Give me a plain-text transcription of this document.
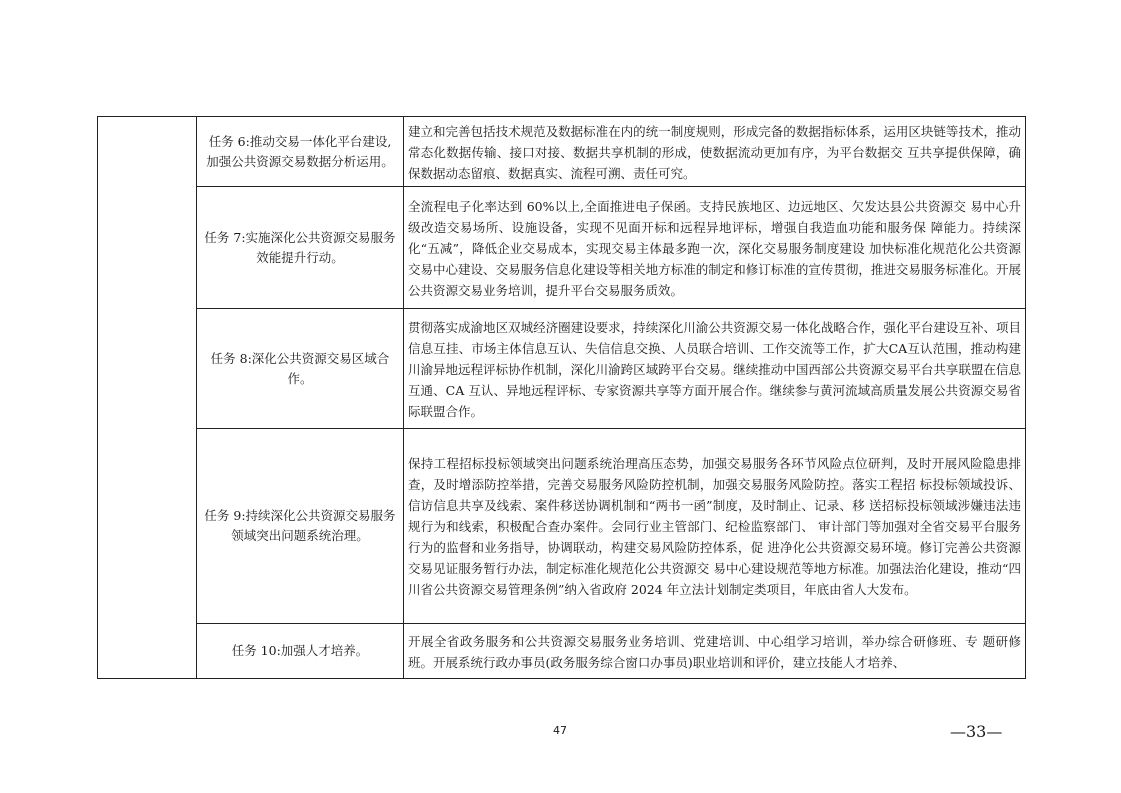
	任务 6:推动交易一体化平台建设,加强公共资源交易数据分析运用。	建立和完善包括技术规范及数据标准在内的统一制度规则，形成完备的数据指标体系，运用区块链等技术，推动常态化数据传输、接口对接、数据共享机制的形成，使数据流动更加有序，为平台数据交 互共享提供保障，确保数据动态留痕、数据真实、流程可溯、责任可究。
	任务 7:实施深化公共资源交易服务效能提升行动。	全流程电子化率达到 60%以上,全面推进电子保函。支持民族地区、边远地区、欠发达县公共资源交 易中心升级改造交易场所、设施设备，实现不见面开标和远程异地评标，增强自我造血功能和服务保 障能力。持续深化“五减”，降低企业交易成本，实现交易主体最多跑一次，深化交易服务制度建设 加快标准化规范化公共资源交易中心建设、交易服务信息化建设等相关地方标准的制定和修订标准的宣传贯彻，推进交易服务标准化。开展公共资源交易业务培训，提升平台交易服务质效。
	任务 8:深化公共资源交易区域合作。	贯彻落实成渝地区双城经济圈建设要求，持续深化川渝公共资源交易一体化战略合作，强化平台建设互补、项目信息互挂、市场主体信息互认、失信信息交换、人员联合培训、工作交流等工作，扩大CA互认范围，推动构建川渝异地远程评标协作机制，深化川渝跨区域跨平台交易。继续推动中国西部公共资源交易平台共享联盟在信息互通、CA 互认、异地远程评标、专家资源共享等方面开展合作。继续参与黄河流域高质量发展公共资源交易省际联盟合作。
	任务 9:持续深化公共资源交易服务领域突出问题系统治理。	保持工程招标投标领域突出问题系统治理高压态势，加强交易服务各环节风险点位研判，及时开展风险隐患排查，及时增添防控举措，完善交易服务风险防控机制，加强交易服务风险防控。落实工程招 标投标领域投诉、信访信息共享及线索、案件移送协调机制和“两书一函”制度，及时制止、记录、移 送招标投标领域涉嫌违法违规行为和线索，积极配合查办案件。会同行业主管部门、纪检监察部门、 审计部门等加强对全省交易平台服务行为的监督和业务指导，协调联动，构建交易风险防控体系，促 进净化公共资源交易环境。修订完善公共资源交易见证服务暂行办法，制定标准化规范化公共资源交 易中心建设规范等地方标准。加强法治化建设，推动“四川省公共资源交易管理条例”纳入省政府 2024 年立法计划制定类项目，年底由省人大发布。
	任务 10:加强人才培养。	开展全省政务服务和公共资源交易服务业务培训、党建培训、中心组学习培训，举办综合研修班、专 题研修班。开展系统行政办事员(政务服务综合窗口办事员)职业培训和评价，建立技能人才培养、
47	—33—
